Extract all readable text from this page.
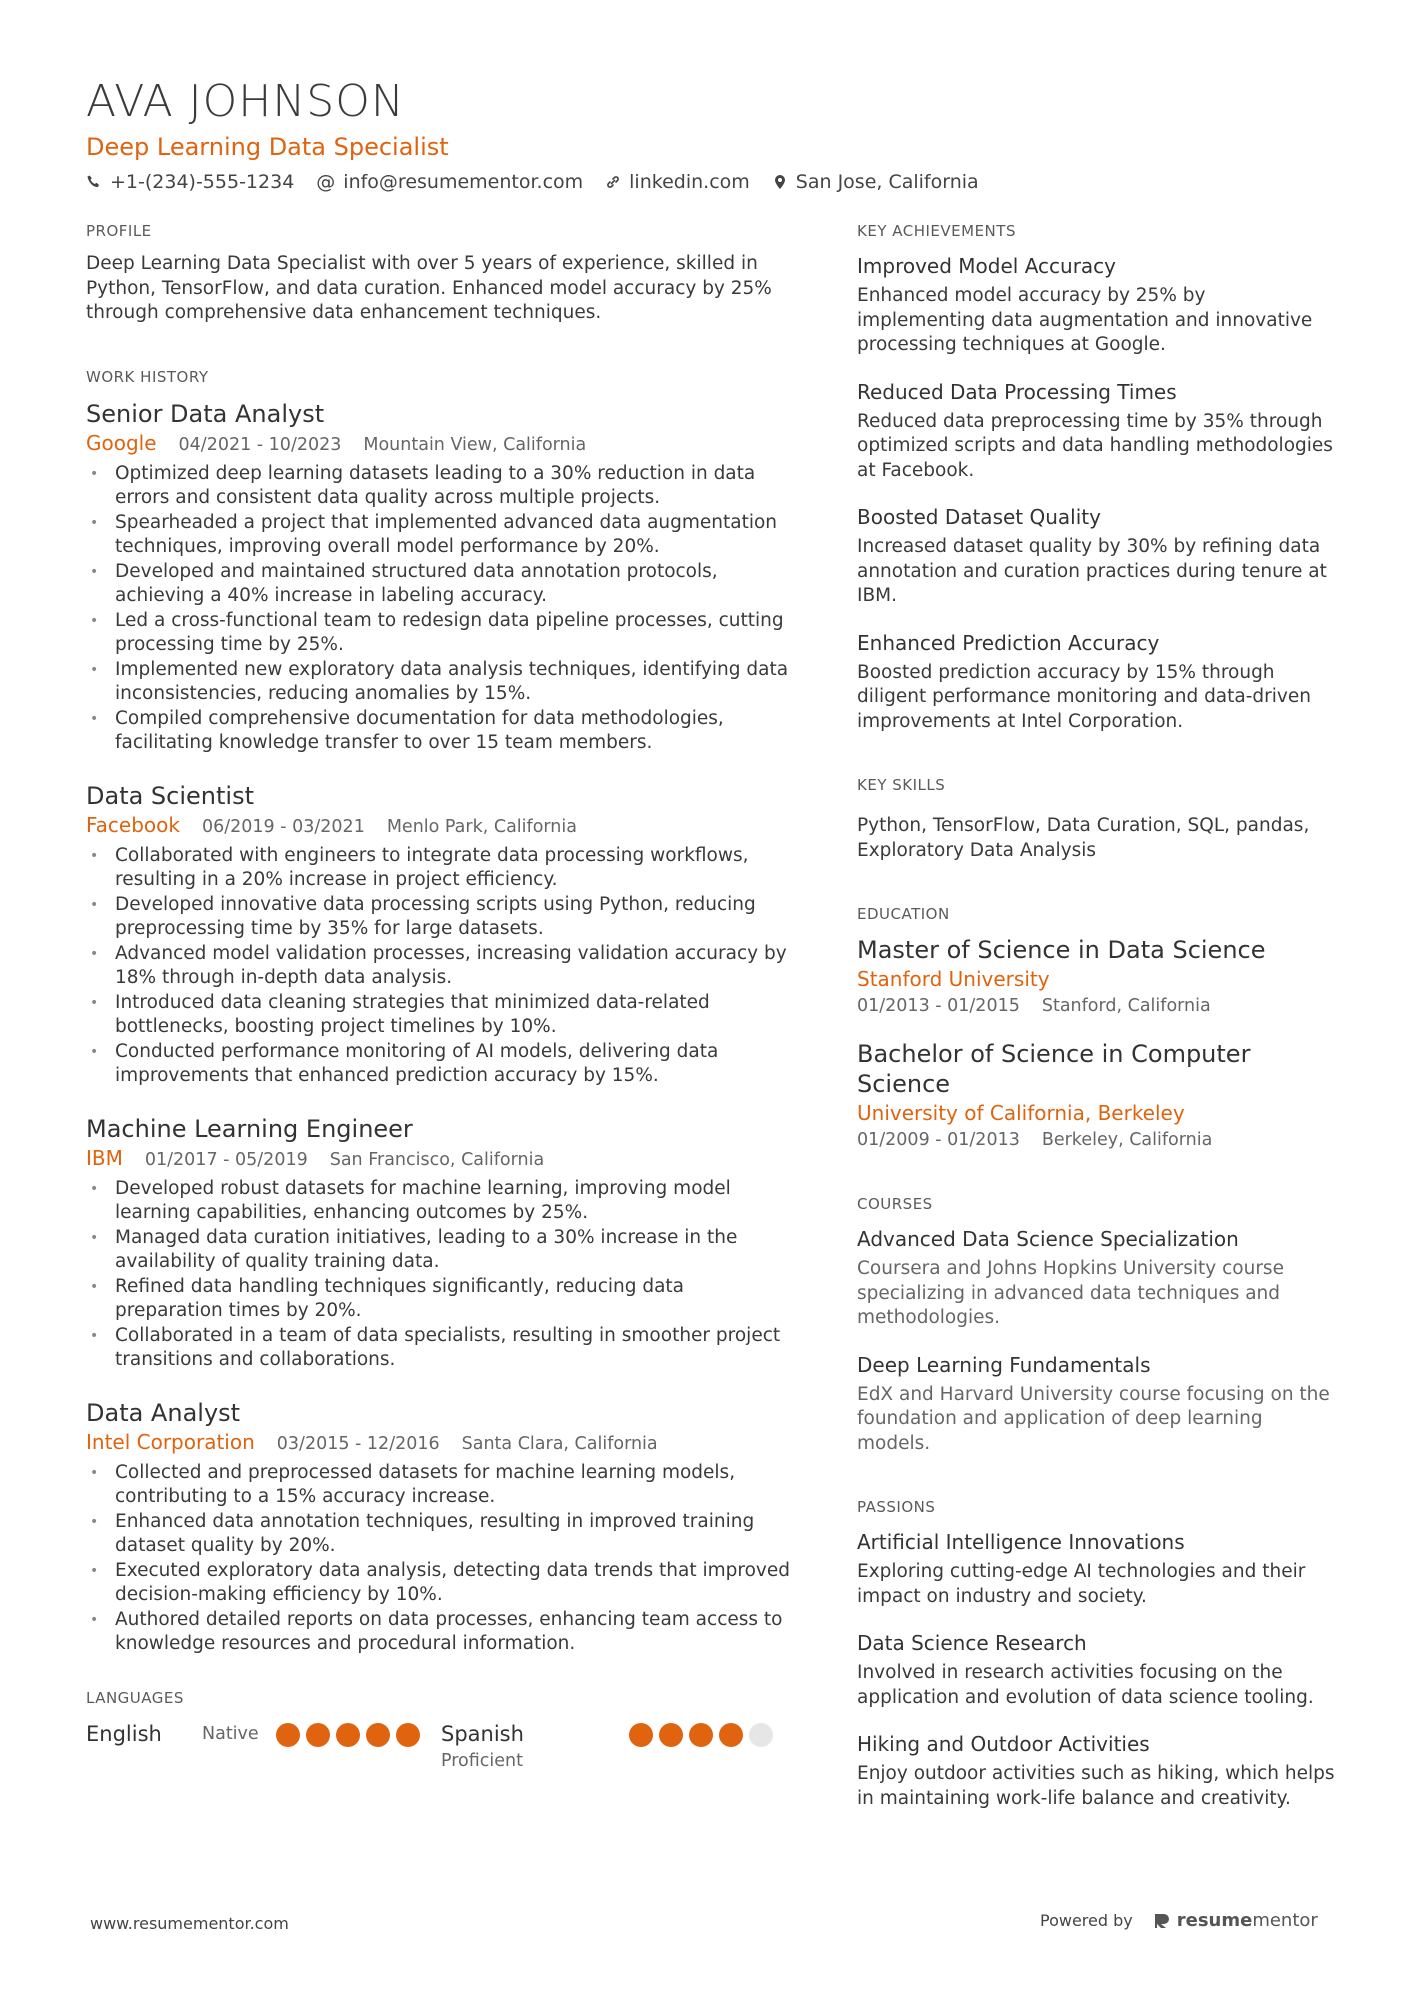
AVA JOHNSON
Deep Learning Data Specialist
+1-(234)-555-1234 @ info@resumementor.com linkedin.com San Jose, California
PROFILE
Deep Learning Data Specialist with over 5 years of experience, skilled in Python, TensorFlow, and data curation. Enhanced model accuracy by 25% through comprehensive data enhancement techniques.
WORK HISTORY
Senior Data Analyst
Google 04/2021 - 10/2023 Mountain View, California
• Optimized deep learning datasets leading to a 30% reduction in data errors and consistent data quality across multiple projects.
• Spearheaded a project that implemented advanced data augmentation techniques, improving overall model performance by 20%.
• Developed and maintained structured data annotation protocols, achieving a 40% increase in labeling accuracy.
• Led a cross-functional team to redesign data pipeline processes, cutting processing time by 25%.
• Implemented new exploratory data analysis techniques, identifying data inconsistencies, reducing anomalies by 15%.
• Compiled comprehensive documentation for data methodologies, facilitating knowledge transfer to over 15 team members.
Data Scientist
Facebook 06/2019 - 03/2021 Menlo Park, California
• Collaborated with engineers to integrate data processing workflows, resulting in a 20% increase in project efficiency.
• Developed innovative data processing scripts using Python, reducing preprocessing time by 35% for large datasets.
• Advanced model validation processes, increasing validation accuracy by 18% through in-depth data analysis.
• Introduced data cleaning strategies that minimized data-related bottlenecks, boosting project timelines by 10%.
• Conducted performance monitoring of AI models, delivering data improvements that enhanced prediction accuracy by 15%.
Machine Learning Engineer
IBM 01/2017 - 05/2019 San Francisco, California
• Developed robust datasets for machine learning, improving model learning capabilities, enhancing outcomes by 25%.
• Managed data curation initiatives, leading to a 30% increase in the availability of quality training data.
• Refined data handling techniques significantly, reducing data preparation times by 20%.
• Collaborated in a team of data specialists, resulting in smoother project transitions and collaborations.
Data Analyst
Intel Corporation 03/2015 - 12/2016 Santa Clara, California
• Collected and preprocessed datasets for machine learning models, contributing to a 15% accuracy increase.
• Enhanced data annotation techniques, resulting in improved training dataset quality by 20%.
• Executed exploratory data analysis, detecting data trends that improved decision-making efficiency by 10%.
• Authored detailed reports on data processes, enhancing team access to knowledge resources and procedural information.
LANGUAGES
English	Native	Spanish
Proficient
KEY ACHIEVEMENTS
Improved Model Accuracy
Enhanced model accuracy by 25% by implementing data augmentation and innovative processing techniques at Google.
Reduced Data Processing Times
Reduced data preprocessing time by 35% through optimized scripts and data handling methodologies at Facebook.
Boosted Dataset Quality
Increased dataset quality by 30% by refining data annotation and curation practices during tenure at IBM.
Enhanced Prediction Accuracy
Boosted prediction accuracy by 15% through diligent performance monitoring and data-driven improvements at Intel Corporation.
KEY SKILLS
Python, TensorFlow, Data Curation, SQL, pandas, Exploratory Data Analysis
EDUCATION
Master of Science in Data Science
Stanford University
01/2013 - 01/2015 Stanford, California
Bachelor of Science in Computer Science
University of California, Berkeley
01/2009 - 01/2013 Berkeley, California
COURSES
Advanced Data Science Specialization
Coursera and Johns Hopkins University course specializing in advanced data techniques and methodologies.
Deep Learning Fundamentals
EdX and Harvard University course focusing on the foundation and application of deep learning models.
PASSIONS
Artificial Intelligence Innovations
Exploring cutting-edge AI technologies and their impact on industry and society.
Data Science Research
Involved in research activities focusing on the application and evolution of data science tooling.
Hiking and Outdoor Activities
Enjoy outdoor activities such as hiking, which helps in maintaining work-life balance and creativity.
www.resumementor.com	Powered by resumementor
